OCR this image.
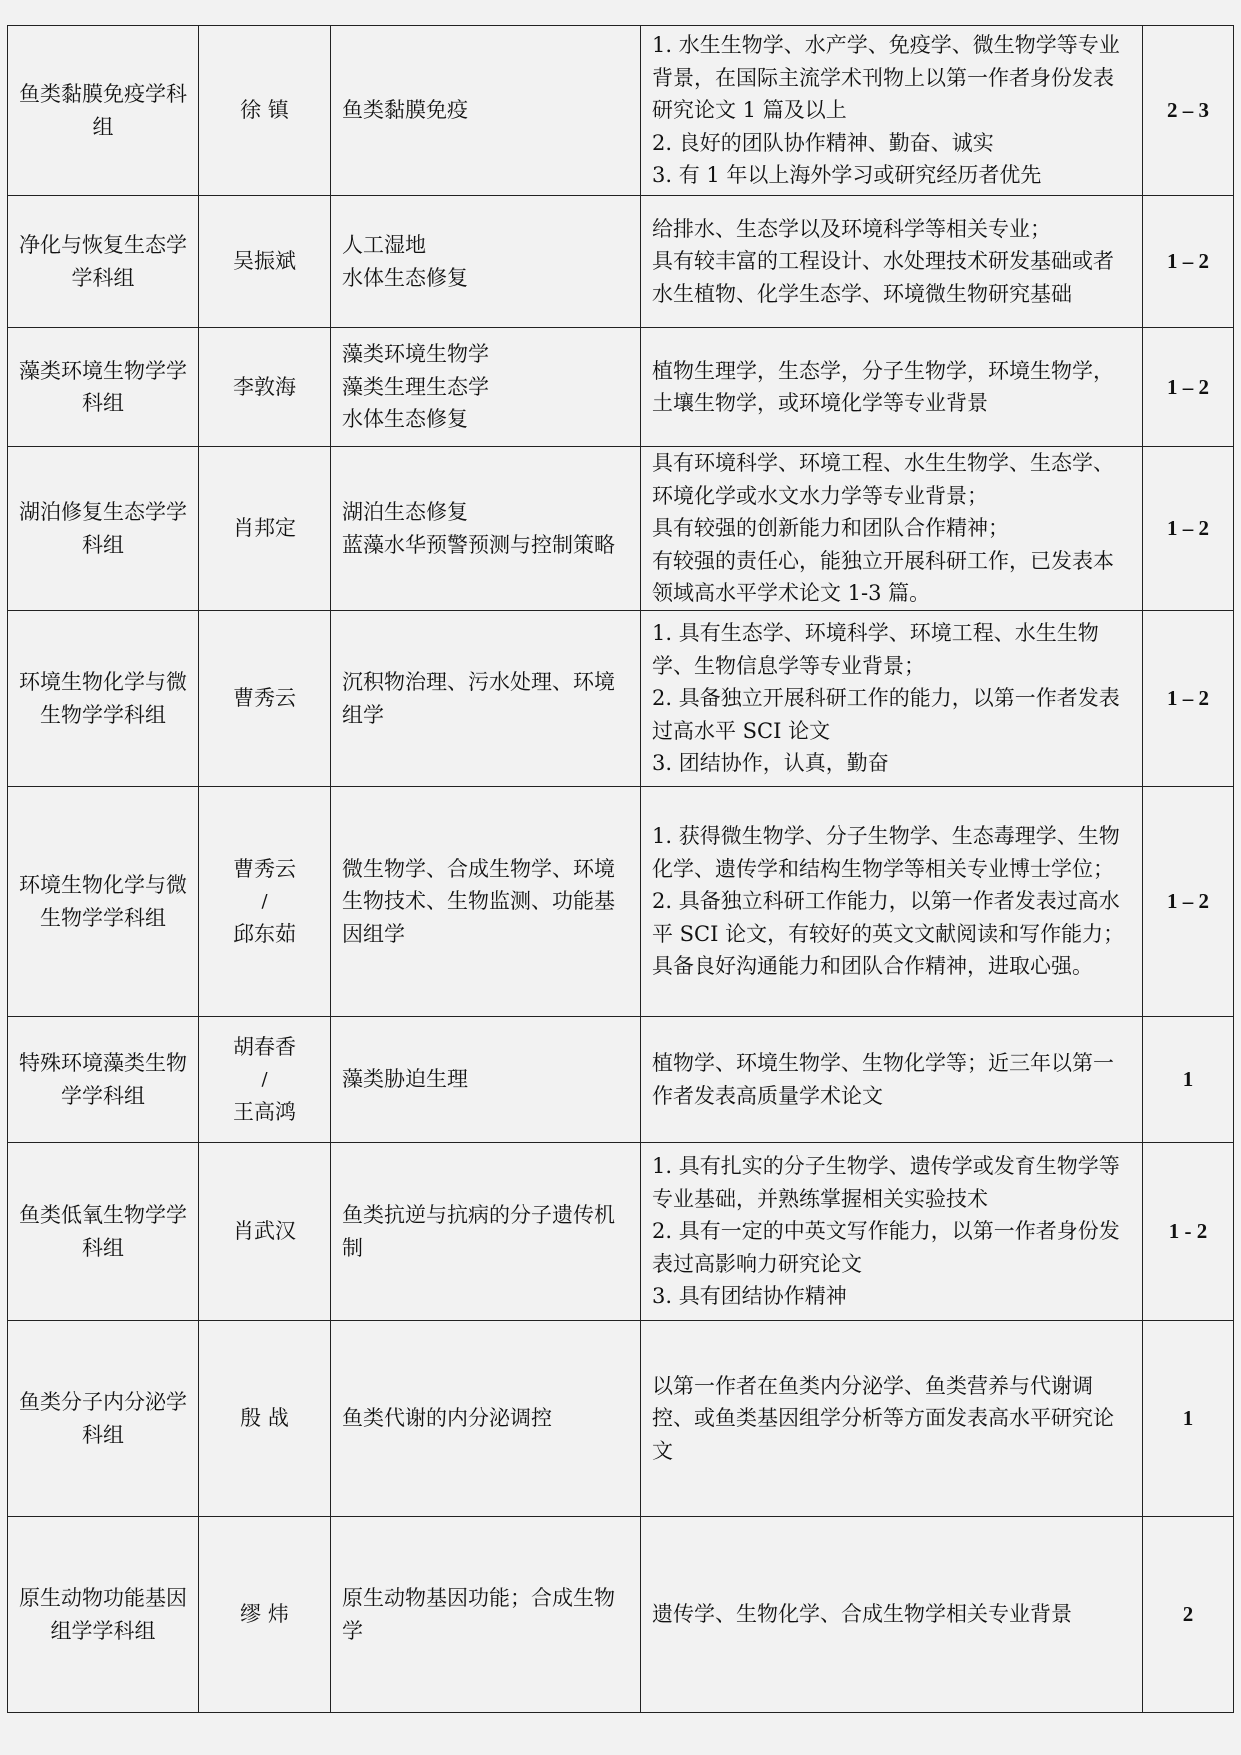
鱼类黏膜免疫学科组	徐 镇	鱼类黏膜免疫	1. 水生生物学、水产学、免疫学、微生物学等专业背景，在国际主流学术刊物上以第一作者身份发表研究论文 1 篇及以上
2. 良好的团队协作精神、勤奋、诚实
3. 有 1 年以上海外学习或研究经历者优先	2 – 3
净化与恢复生态学学科组	吴振斌	人工湿地
水体生态修复	给排水、生态学以及环境科学等相关专业；
具有较丰富的工程设计、水处理技术研发基础或者水生植物、化学生态学、环境微生物研究基础	1 – 2
藻类环境生物学学科组	李敦海	藻类环境生物学
藻类生理生态学
水体生态修复	植物生理学，生态学，分子生物学，环境生物学，土壤生物学，或环境化学等专业背景	1 – 2
湖泊修复生态学学科组	肖邦定	湖泊生态修复
蓝藻水华预警预测与控制策略	具有环境科学、环境工程、水生生物学、生态学、环境化学或水文水力学等专业背景；
具有较强的创新能力和团队合作精神；
有较强的责任心，能独立开展科研工作，已发表本领域高水平学术论文 1-3 篇。	1 – 2
环境生物化学与微生物学学科组	曹秀云	沉积物治理、污水处理、环境组学	1. 具有生态学、环境科学、环境工程、水生生物学、生物信息学等专业背景；
2. 具备独立开展科研工作的能力，以第一作者发表过高水平 SCI 论文
3. 团结协作，认真，勤奋	1 – 2
环境生物化学与微生物学学科组	曹秀云
/
邱东茹	微生物学、合成生物学、环境生物技术、生物监测、功能基因组学	1. 获得微生物学、分子生物学、生态毒理学、生物化学、遗传学和结构生物学等相关专业博士学位；
2. 具备独立科研工作能力，以第一作者发表过高水平 SCI 论文，有较好的英文文献阅读和写作能力；具备良好沟通能力和团队合作精神，进取心强。	1 – 2
特殊环境藻类生物学学科组	胡春香
/
王高鸿	藻类胁迫生理	植物学、环境生物学、生物化学等；近三年以第一作者发表高质量学术论文	1
鱼类低氧生物学学科组	肖武汉	鱼类抗逆与抗病的分子遗传机制	1. 具有扎实的分子生物学、遗传学或发育生物学等专业基础，并熟练掌握相关实验技术
2. 具有一定的中英文写作能力，以第一作者身份发表过高影响力研究论文
3. 具有团结协作精神	1 - 2
鱼类分子内分泌学科组	殷 战	鱼类代谢的内分泌调控	以第一作者在鱼类内分泌学、鱼类营养与代谢调控、或鱼类基因组学分析等方面发表高水平研究论文	1
原生动物功能基因组学学科组	缪 炜	原生动物基因功能；合成生物学	遗传学、生物化学、合成生物学相关专业背景	2
